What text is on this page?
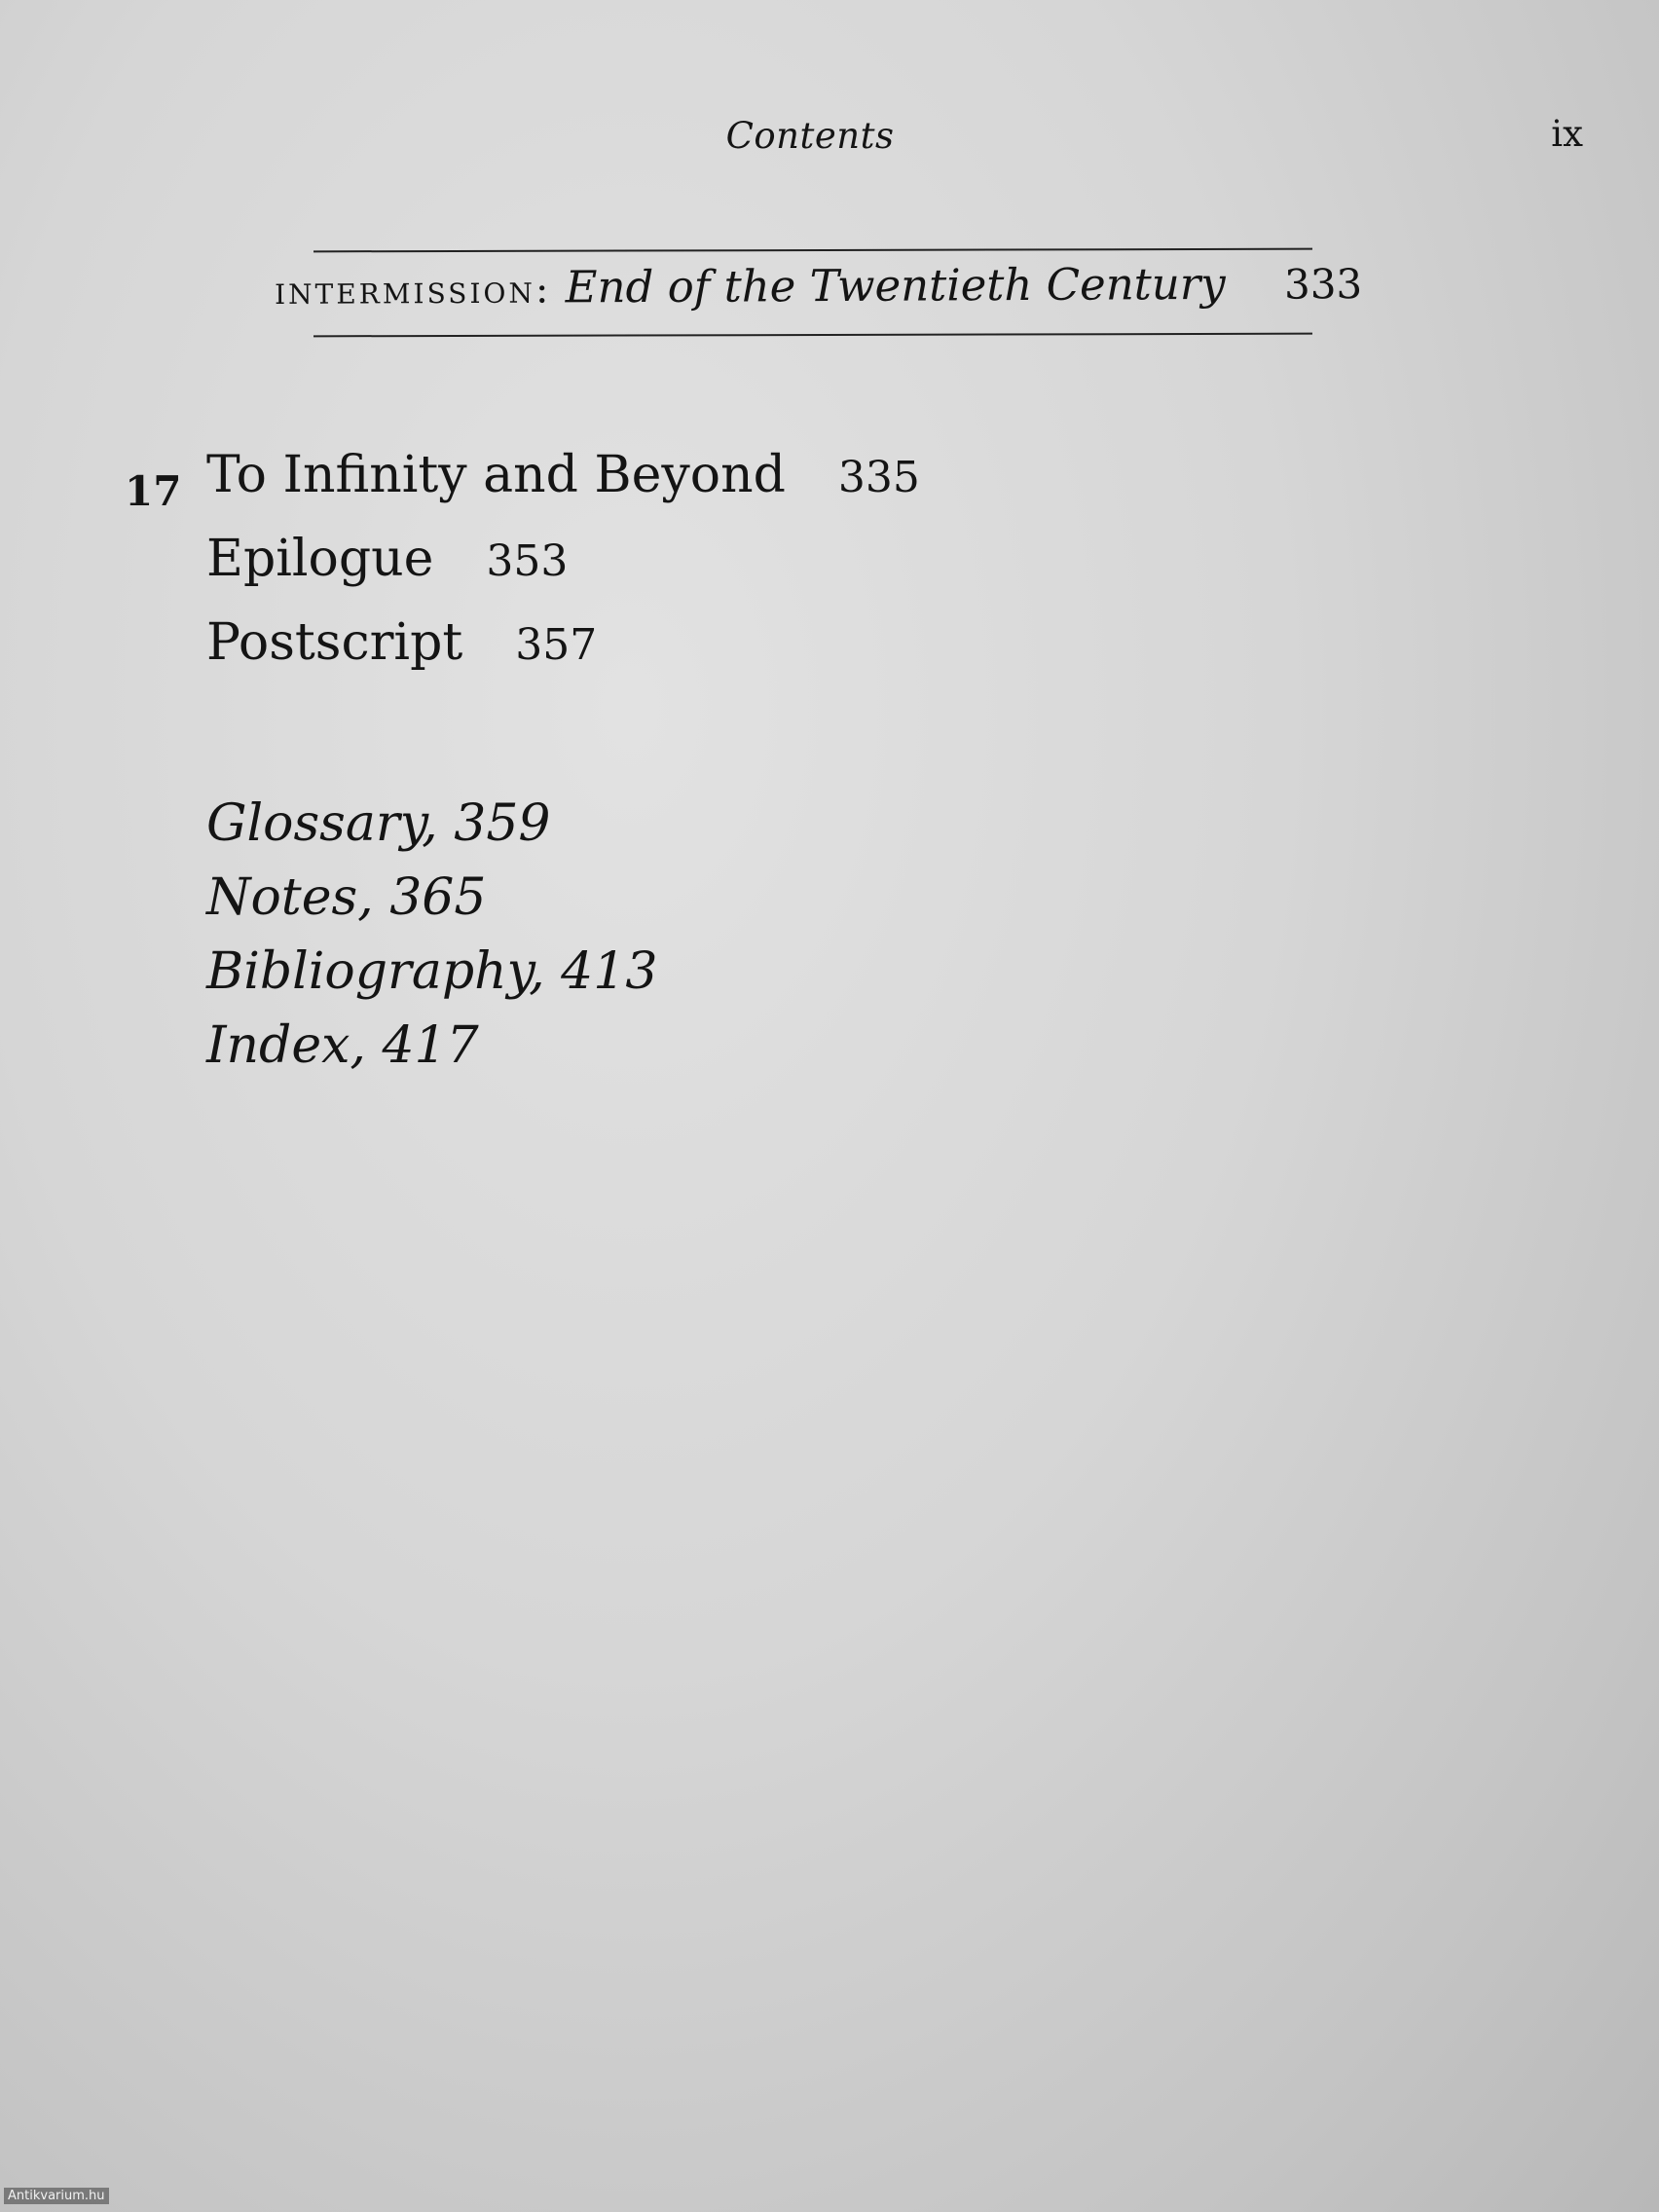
Contents	ix
intermission: End of the Twentieth Century 333
17 To Infinity and Beyond 335
Epilogue 353
Postscript 357
Glossary, 359
Notes, 365
Bibliography, 413
Index, 417
Antikvarium.hu
